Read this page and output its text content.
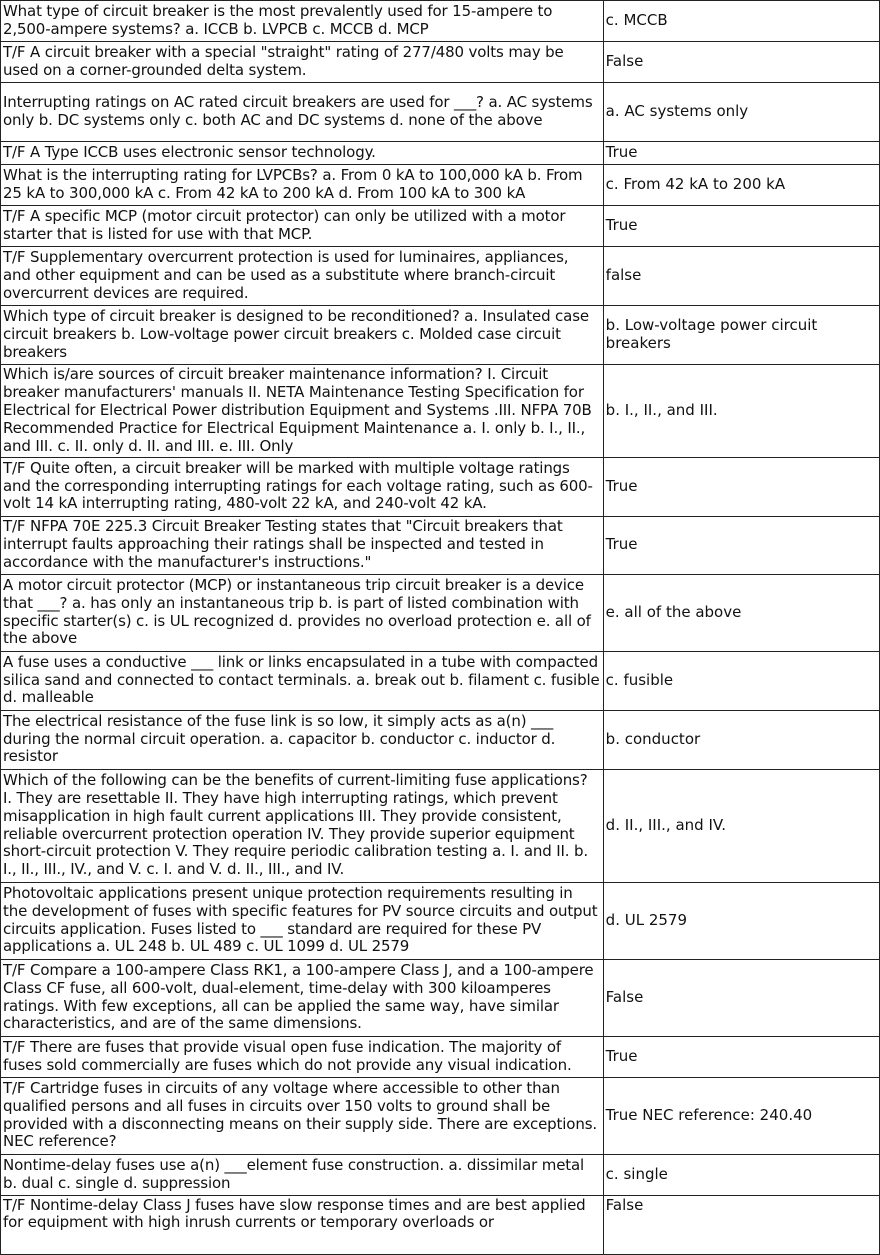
What type of circuit breaker is the most prevalently used for 15-ampere to 2,500-ampere systems? a. ICCB b. LVPCB c. MCCB d. MCP	c. MCCB
T/F A circuit breaker with a special "straight" rating of 277/480 volts may be used on a corner-grounded delta system.	False
Interrupting ratings on AC rated circuit breakers are used for ___? a. AC systems only b. DC systems only c. both AC and DC systems d. none of the above	a. AC systems only
T/F A Type ICCB uses electronic sensor technology.	True
What is the interrupting rating for LVPCBs? a. From 0 kA to 100,000 kA b. From 25 kA to 300,000 kA c. From 42 kA to 200 kA d. From 100 kA to 300 kA	c. From 42 kA to 200 kA
T/F A specific MCP (motor circuit protector) can only be utilized with a motor starter that is listed for use with that MCP.	True
T/F Supplementary overcurrent protection is used for luminaires, appliances, and other equipment and can be used as a substitute where branch-circuit overcurrent devices are required.	false
Which type of circuit breaker is designed to be reconditioned? a. Insulated case circuit breakers b. Low-voltage power circuit breakers c. Molded case circuit breakers	b. Low-voltage power circuit breakers
Which is/are sources of circuit breaker maintenance information? I. Circuit breaker manufacturers' manuals II. NETA Maintenance Testing Specification for Electrical for Electrical Power distribution Equipment and Systems .III. NFPA 70B Recommended Practice for Electrical Equipment Maintenance a. I. only b. I., II., and III. c. II. only d. II. and III. e. III. Only	b. I., II., and III.
T/F Quite often, a circuit breaker will be marked with multiple voltage ratings and the corresponding interrupting ratings for each voltage rating, such as 600-volt 14 kA interrupting rating, 480-volt 22 kA, and 240-volt 42 kA.	True
T/F NFPA 70E 225.3 Circuit Breaker Testing states that "Circuit breakers that interrupt faults approaching their ratings shall be inspected and tested in accordance with the manufacturer's instructions."	True
A motor circuit protector (MCP) or instantaneous trip circuit breaker is a device that ___? a. has only an instantaneous trip b. is part of listed combination with specific starter(s) c. is UL recognized d. provides no overload protection e. all of the above	e. all of the above
A fuse uses a conductive ___ link or links encapsulated in a tube with compacted silica sand and connected to contact terminals. a. break out b. filament c. fusible d. malleable	c. fusible
The electrical resistance of the fuse link is so low, it simply acts as a(n) ___ during the normal circuit operation. a. capacitor b. conductor c. inductor d. resistor	b. conductor
Which of the following can be the benefits of current-limiting fuse applications? I. They are resettable II. They have high interrupting ratings, which prevent misapplication in high fault current applications III. They provide consistent, reliable overcurrent protection operation IV. They provide superior equipment short-circuit protection V. They require periodic calibration testing a. I. and II. b. I., II., III., IV., and V. c. I. and V. d. II., III., and IV.	d. II., III., and IV.
Photovoltaic applications present unique protection requirements resulting in the development of fuses with specific features for PV source circuits and output circuits application. Fuses listed to ___ standard are required for these PV applications a. UL 248 b. UL 489 c. UL 1099 d. UL 2579	d. UL 2579
T/F Compare a 100-ampere Class RK1, a 100-ampere Class J, and a 100-ampere Class CF fuse, all 600-volt, dual-element, time-delay with 300 kiloamperes ratings. With few exceptions, all can be applied the same way, have similar characteristics, and are of the same dimensions.	False
T/F There are fuses that provide visual open fuse indication. The majority of fuses sold commercially are fuses which do not provide any visual indication.	True
T/F Cartridge fuses in circuits of any voltage where accessible to other than qualified persons and all fuses in circuits over 150 volts to ground shall be provided with a disconnecting means on their supply side. There are exceptions. NEC reference?	True NEC reference: 240.40
Nontime-delay fuses use a(n) ___element fuse construction. a. dissimilar metal b. dual c. single d. suppression	c. single
T/F Nontime-delay Class J fuses have slow response times and are best applied for equipment with high inrush currents or temporary overloads or	False
